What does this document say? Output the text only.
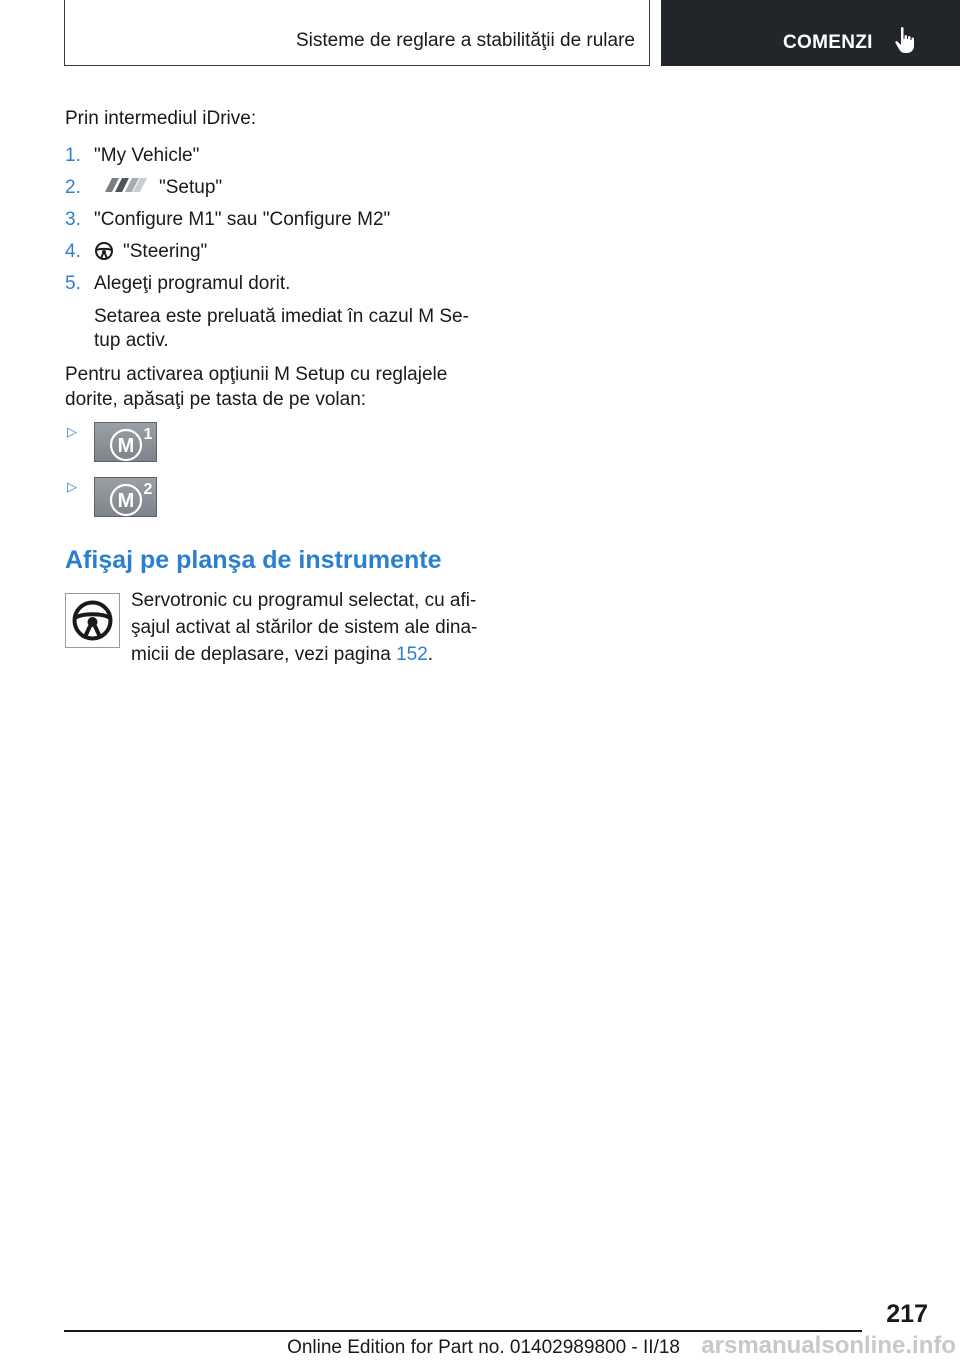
Sisteme de reglare a stabilităţii de rulare	COMENZI
Prin intermediul iDrive:
1. "My Vehicle"
2.	"Setup"
3. "Configure M1" sau "Configure M2"
4. "Steering"
5. Alegeţi programul dorit.
Setarea este preluată imediat în cazul M Se‐
tup activ.
Pentru activarea opţiunii M Setup cu reglajele
dorite, apăsaţi pe tasta de pe volan:
▷
M
1
▷
M
2
Afişaj pe planşa de instrumente
Servotronic cu programul selectat, cu afi‐
şajul activat al stărilor de sistem ale dina‐
micii de deplasare, vezi pagina 152.
217
Online Edition for Part no. 01402989800 - II/18 arsmanualsonline.info
